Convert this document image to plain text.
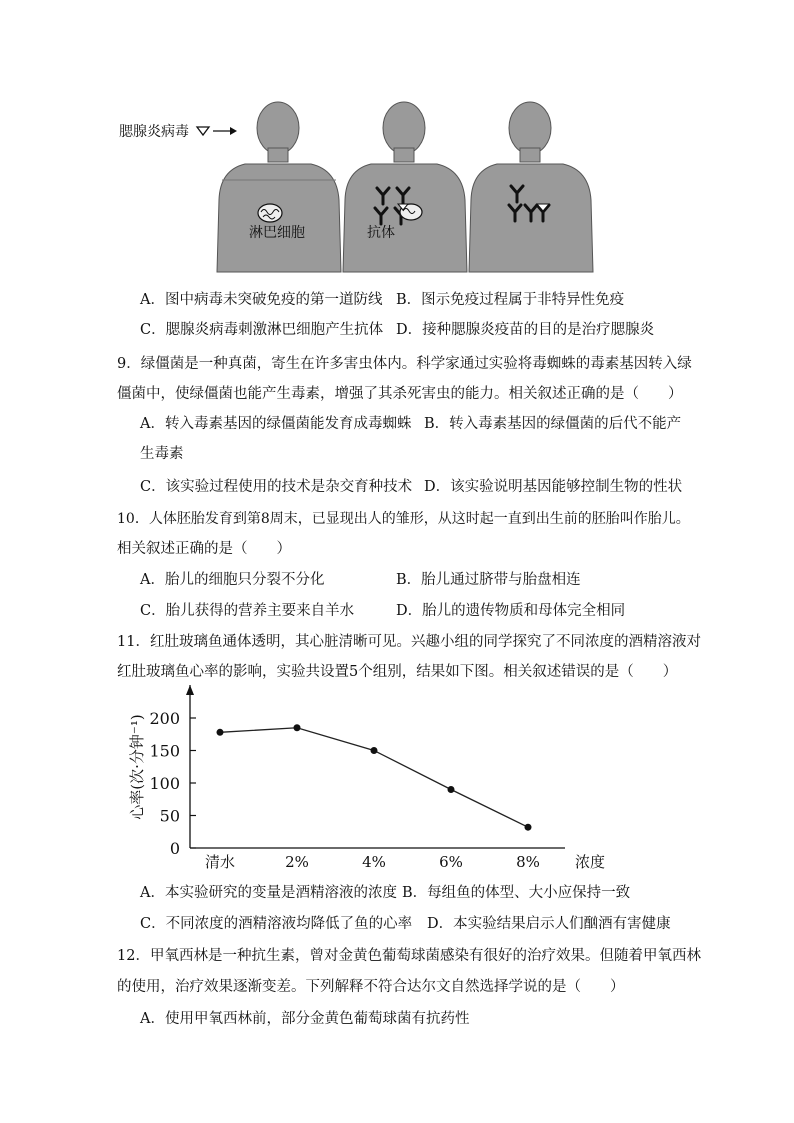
腮腺炎病毒
淋巴细胞	抗体
A．图中病毒未突破免疫的第一道防线 B．图示免疫过程属于非特异性免疫
C．腮腺炎病毒刺激淋巴细胞产生抗体 D．接种腮腺炎疫苗的目的是治疗腮腺炎
9．绿僵菌是一种真菌，寄生在许多害虫体内。科学家通过实验将毒蜘蛛的毒素基因转入绿
僵菌中，使绿僵菌也能产生毒素，增强了其杀死害虫的能力。相关叙述正确的是（　　）
A．转入毒素基因的绿僵菌能发育成毒蜘蛛 B．转入毒素基因的绿僵菌的后代不能产
生毒素
C．该实验过程使用的技术是杂交育种技术 D．该实验说明基因能够控制生物的性状
10．人体胚胎发育到第8周末，已显现出人的雏形，从这时起一直到出生前的胚胎叫作胎儿。
相关叙述正确的是（　　）
A．胎儿的细胞只分裂不分化	B．胎儿通过脐带与胎盘相连
C．胎儿获得的营养主要来自羊水	D．胎儿的遗传物质和母体完全相同
11．红肚玻璃鱼通体透明，其心脏清晰可见。兴趣小组的同学探究了不同浓度的酒精溶液对
红肚玻璃鱼心率的影响，实验共设置5个组别，结果如下图。相关叙述错误的是（　　）
0
50
100
150
200
清水	2%	4%	6%	8%
心率(次·分钟⁻¹)
浓度
A．本实验研究的变量是酒精溶液的浓度 B．每组鱼的体型、大小应保持一致
C．不同浓度的酒精溶液均降低了鱼的心率 D．本实验结果启示人们酗酒有害健康
12．甲氧西林是一种抗生素，曾对金黄色葡萄球菌感染有很好的治疗效果。但随着甲氧西林
的使用，治疗效果逐渐变差。下列解释不符合达尔文自然选择学说的是（　　）
A．使用甲氧西林前，部分金黄色葡萄球菌有抗药性
